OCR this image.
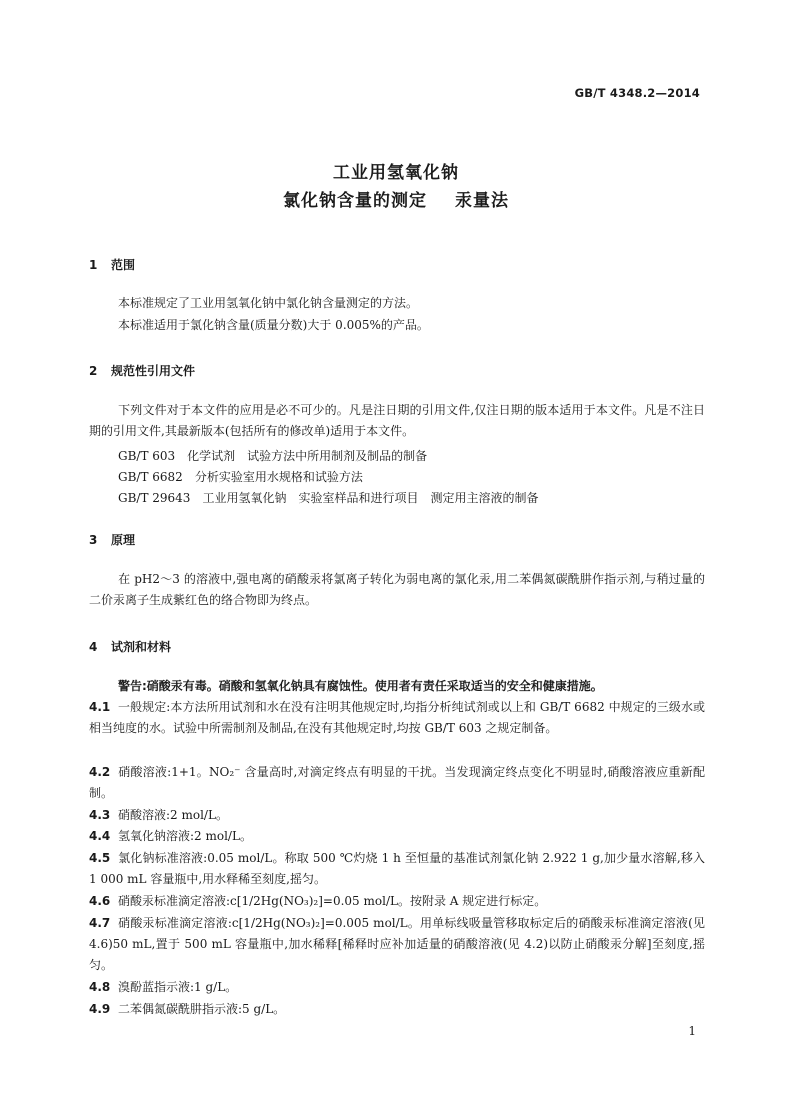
GB/T 4348.2—2014
工业用氢氧化钠
氯化钠含量的测定 汞量法
1 范围
本标准规定了工业用氢氧化钠中氯化钠含量测定的方法。
本标准适用于氯化钠含量(质量分数)大于 0.005%的产品。
2 规范性引用文件
下列文件对于本文件的应用是必不可少的。凡是注日期的引用文件,仅注日期的版本适用于本文件。凡是不注日期的引用文件,其最新版本(包括所有的修改单)适用于本文件。
GB/T 603 化学试剂　试验方法中所用制剂及制品的制备
GB/T 6682 分析实验室用水规格和试验方法
GB/T 29643 工业用氢氧化钠　实验室样品和进行项目　测定用主溶液的制备
3 原理
在 pH2～3 的溶液中,强电离的硝酸汞将氯离子转化为弱电离的氯化汞,用二苯偶氮碳酰肼作指示剂,与稍过量的二价汞离子生成紫红色的络合物即为终点。
4 试剂和材料
警告:硝酸汞有毒。硝酸和氢氧化钠具有腐蚀性。使用者有责任采取适当的安全和健康措施。
4.1 一般规定:本方法所用试剂和水在没有注明其他规定时,均指分析纯试剂或以上和 GB/T 6682 中规定的三级水或相当纯度的水。试验中所需制剂及制品,在没有其他规定时,均按 GB/T 603 之规定制备。
4.2 硝酸溶液:1+1。NO₂⁻ 含量高时,对滴定终点有明显的干扰。当发现滴定终点变化不明显时,硝酸溶液应重新配制。
4.3 硝酸溶液:2 mol/L。
4.4 氢氧化钠溶液:2 mol/L。
4.5 氯化钠标准溶液:0.05 mol/L。称取 500 ℃灼烧 1 h 至恒量的基准试剂氯化钠 2.922 1 g,加少量水溶解,移入 1 000 mL 容量瓶中,用水释稀至刻度,摇匀。
4.6 硝酸汞标准滴定溶液:c[1/2Hg(NO₃)₂]=0.05 mol/L。按附录 A 规定进行标定。
4.7 硝酸汞标准滴定溶液:c[1/2Hg(NO₃)₂]=0.005 mol/L。用单标线吸量管移取标定后的硝酸汞标准滴定溶液(见 4.6)50 mL,置于 500 mL 容量瓶中,加水稀释[稀释时应补加适量的硝酸溶液(见 4.2)以防止硝酸汞分解]至刻度,摇匀。
4.8 溴酚蓝指示液:1 g/L。
4.9 二苯偶氮碳酰肼指示液:5 g/L。
1
